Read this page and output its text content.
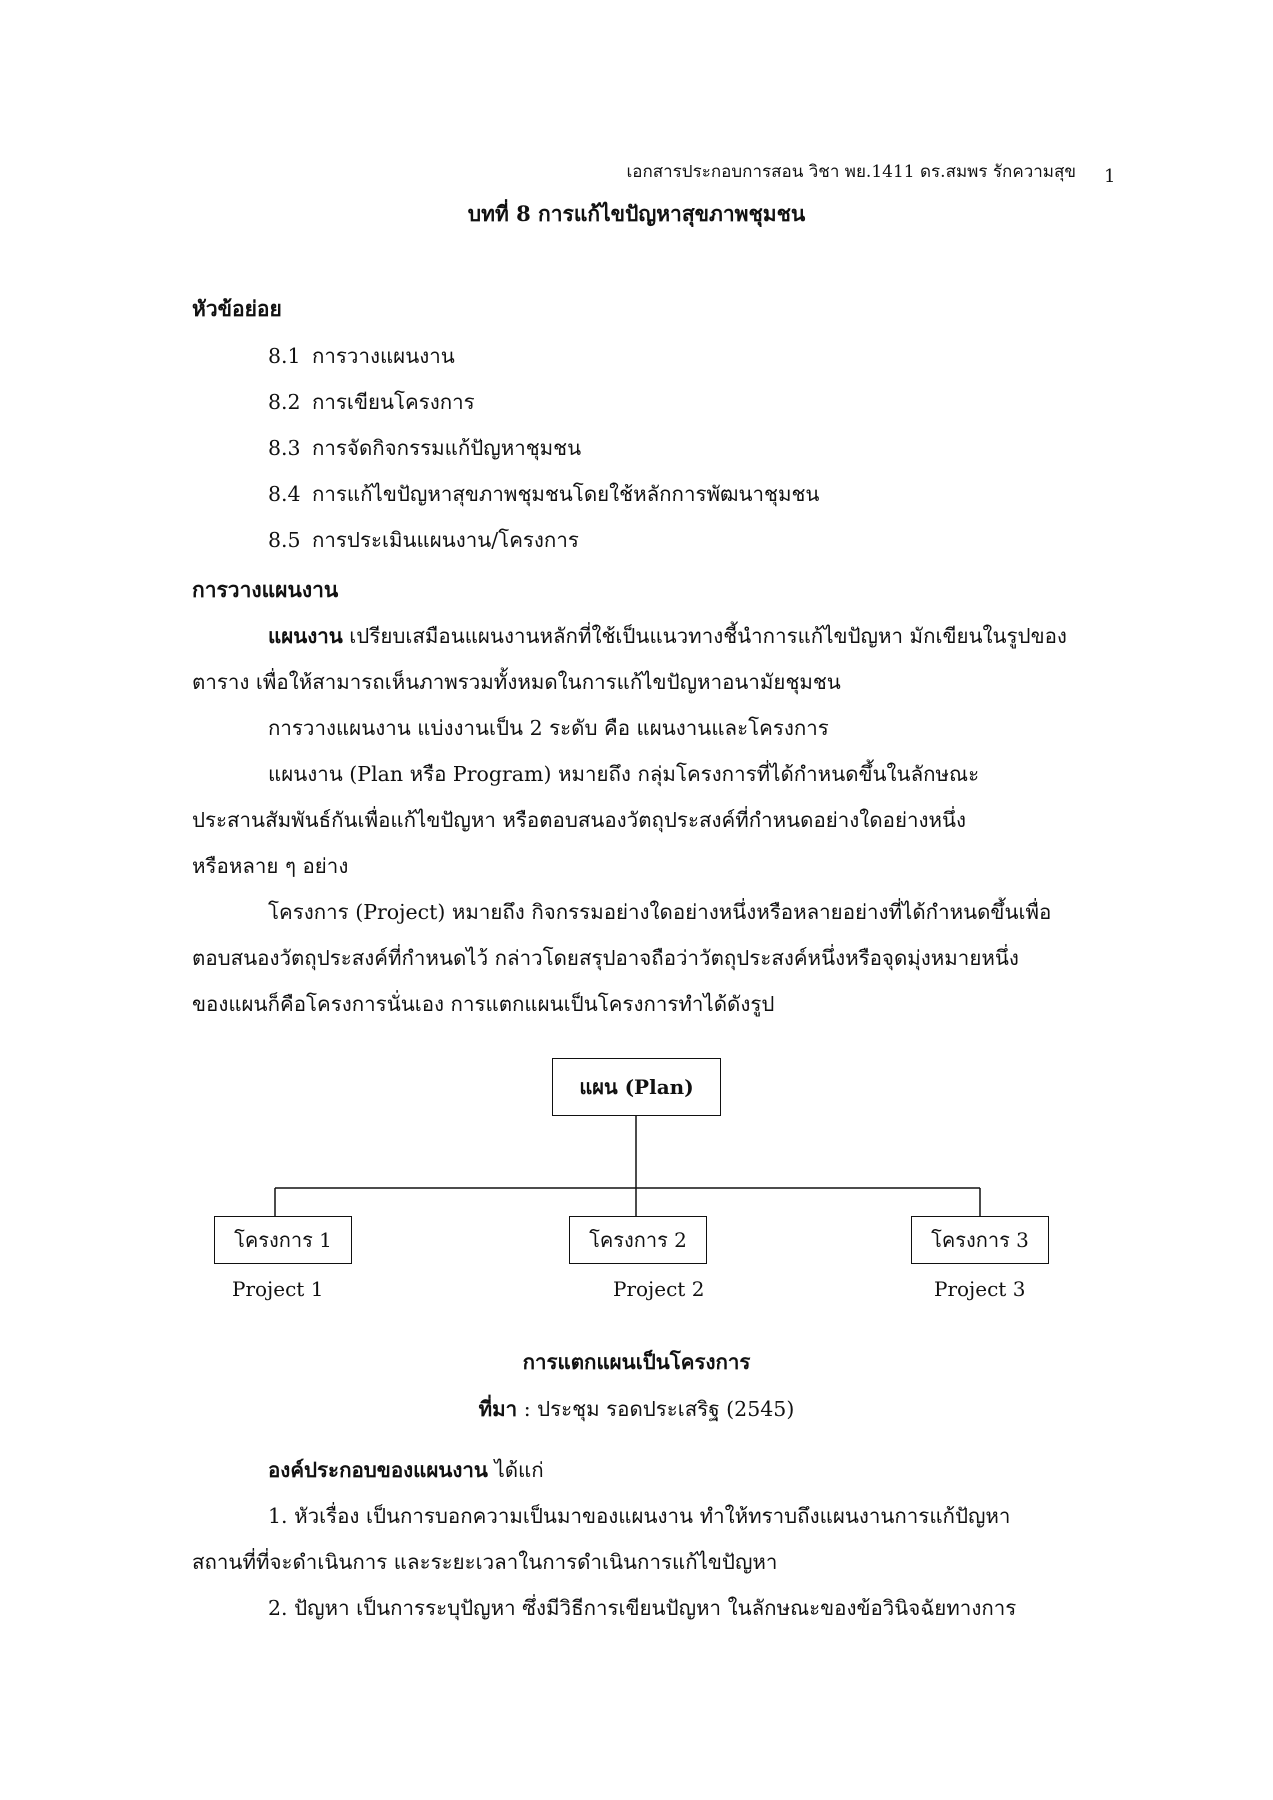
เอกสารประกอบการสอน วิชา พย.1411 ดร.สมพร รักความสุข 1
บทที่ 8 การแก้ไขปัญหาสุขภาพชุมชน
หัวข้อย่อย
8.1 การวางแผนงาน
8.2 การเขียนโครงการ
8.3 การจัดกิจกรรมแก้ปัญหาชุมชน
8.4 การแก้ไขปัญหาสุขภาพชุมชนโดยใช้หลักการพัฒนาชุมชน
8.5 การประเมินแผนงาน/โครงการ
การวางแผนงาน
แผนงาน เปรียบเสมือนแผนงานหลักที่ใช้เป็นแนวทางชี้นำการแก้ไขปัญหา มักเขียนในรูปของ
ตาราง เพื่อให้สามารถเห็นภาพรวมทั้งหมดในการแก้ไขปัญหาอนามัยชุมชน
การวางแผนงาน แบ่งงานเป็น 2 ระดับ คือ แผนงานและโครงการ
แผนงาน (Plan หรือ Program) หมายถึง กลุ่มโครงการที่ได้กำหนดขึ้นในลักษณะ
ประสานสัมพันธ์กันเพื่อแก้ไขปัญหา หรือตอบสนองวัตถุประสงค์ที่กำหนดอย่างใดอย่างหนึ่ง
หรือหลาย ๆ อย่าง
โครงการ (Project) หมายถึง กิจกรรมอย่างใดอย่างหนึ่งหรือหลายอย่างที่ได้กำหนดขึ้นเพื่อ
ตอบสนองวัตถุประสงค์ที่กำหนดไว้ กล่าวโดยสรุปอาจถือว่าวัตถุประสงค์หนึ่งหรือจุดมุ่งหมายหนึ่ง
ของแผนก็คือโครงการนั่นเอง การแตกแผนเป็นโครงการทำได้ดังรูป
แผน (Plan)
โครงการ 1	โครงการ 2	โครงการ 3
Project 1	Project 2	Project 3
การแตกแผนเป็นโครงการ
ที่มา : ประชุม รอดประเสริฐ (2545)
องค์ประกอบของแผนงาน ได้แก่
1. หัวเรื่อง เป็นการบอกความเป็นมาของแผนงาน ทำให้ทราบถึงแผนงานการแก้ปัญหา
สถานที่ที่จะดำเนินการ และระยะเวลาในการดำเนินการแก้ไขปัญหา
2. ปัญหา เป็นการระบุปัญหา ซึ่งมีวิธีการเขียนปัญหา ในลักษณะของข้อวินิจฉัยทางการ
